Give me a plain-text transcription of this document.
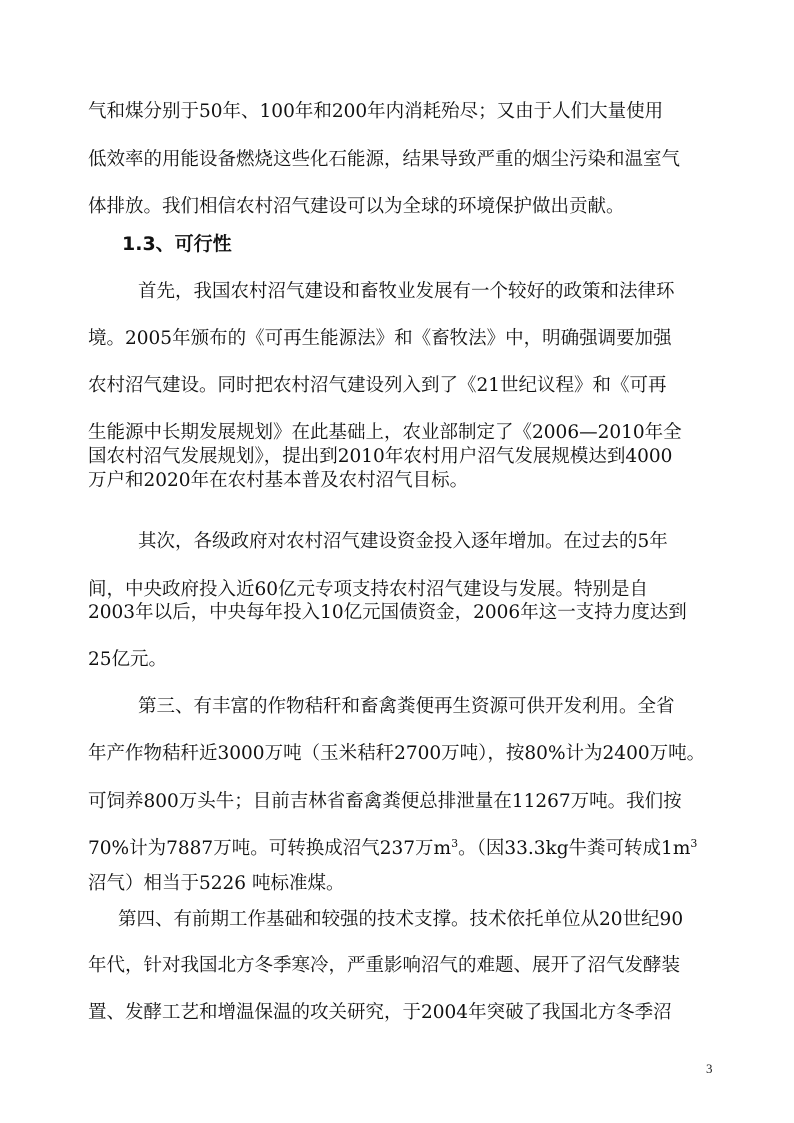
气和煤分别于50年、100年和200年内消耗殆尽；又由于人们大量使用
低效率的用能设备燃烧这些化石能源，结果导致严重的烟尘污染和温室气
体排放。我们相信农村沼气建设可以为全球的环境保护做出贡献。
1.3、可行性
首先，我国农村沼气建设和畜牧业发展有一个较好的政策和法律环
境。2005年颁布的《可再生能源法》和《畜牧法》中，明确强调要加强
农村沼气建设。同时把农村沼气建设列入到了《21世纪议程》和《可再
生能源中长期发展规划》在此基础上，农业部制定了《2006—2010年全
国农村沼气发展规划》，提出到2010年农村用户沼气发展规模达到4000
万户和2020年在农村基本普及农村沼气目标。
其次，各级政府对农村沼气建设资金投入逐年增加。在过去的5年
间，中央政府投入近60亿元专项支持农村沼气建设与发展。特别是自
2003年以后，中央每年投入10亿元国债资金，2006年这一支持力度达到
25亿元。
第三、有丰富的作物秸秆和畜禽粪便再生资源可供开发利用。全省
年产作物秸秆近3000万吨（玉米秸秆2700万吨），按80%计为2400万吨。
可饲养800万头牛；目前吉林省畜禽粪便总排泄量在11267万吨。我们按
70%计为7887万吨。可转换成沼气237万$m^3$。（因33.3kg牛粪可转成$1m^3$
沼气）相当于5226 吨标准煤。
第四、有前期工作基础和较强的技术支撑。技术依托单位从20世纪90
年代，针对我国北方冬季寒冷，严重影响沼气的难题、展开了沼气发酵装
置、发酵工艺和增温保温的攻关研究，于2004年突破了我国北方冬季沼
3
